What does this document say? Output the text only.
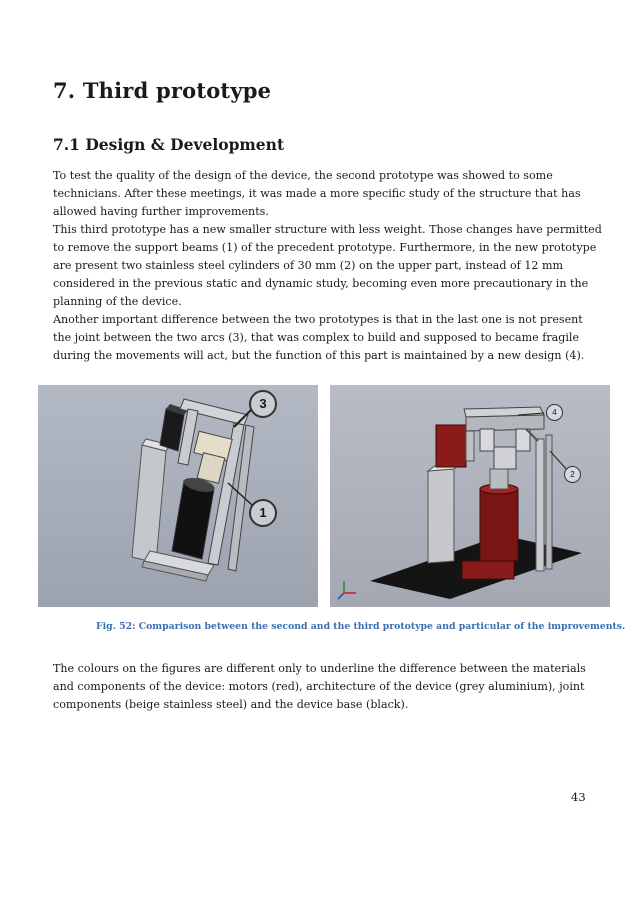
7. Third prototype
7.1 Design & Development
To test the quality of the design of the device, the second prototype was showed to some
technicians. After these meetings, it was made a more specific study of the structure that has
allowed having further improvements.
This third prototype has a new smaller structure with less weight. Those changes have permitted
to remove the support beams (1) of the precedent prototype. Furthermore, in the new prototype
are present two stainless steel cylinders of 30 mm (2) on the upper part, instead of 12 mm
considered in the previous static and dynamic study, becoming even more precautionary in the
planning of the device.
Another important difference between the two prototypes is that in the last one is not present
the joint between the two arcs (3), that was complex to build and supposed to became fragile
during the movements will act, but the function of this part is maintained by a new design (4).
3
1
4
2
Fig. 52: Comparison between the second and the third prototype and particular of the improvements.
The colours on the figures are different only to underline the difference between the materials
and components of the device: motors (red), architecture of the device (grey aluminium), joint
components (beige stainless steel) and the device base (black).
43
